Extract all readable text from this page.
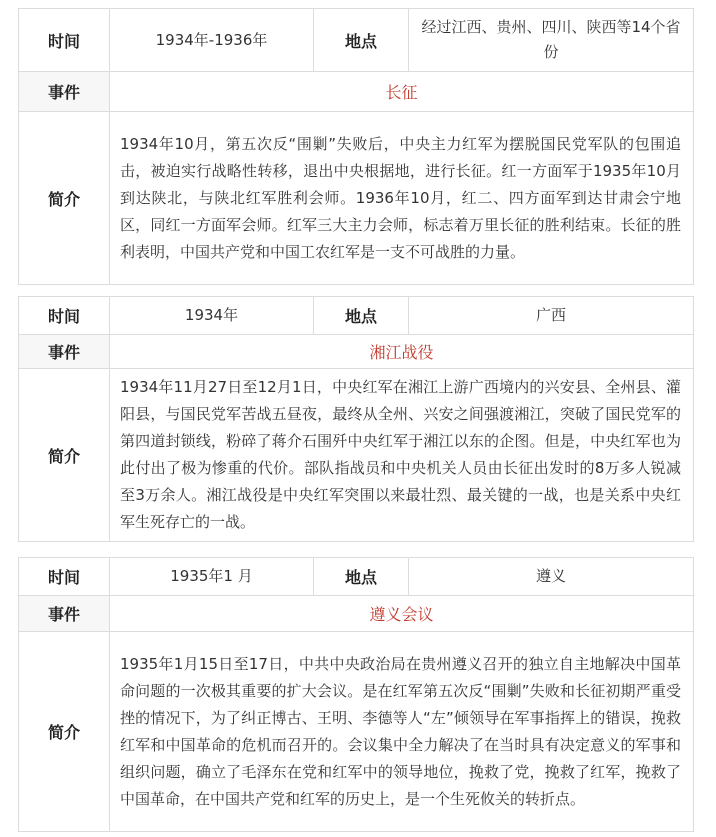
时间	1934年-1936年	地点	经过江西、贵州、四川、陕西等14个省份
事件	长征		
简介	1934年10月，第五次反“围剿”失败后，中央主力红军为摆脱国民党军队的包围追击，被迫实行战略性转移，退出中央根据地，进行长征。红一方面军于1935年10月到达陕北，与陕北红军胜利会师。1936年10月，红二、四方面军到达甘肃会宁地区，同红一方面军会师。红军三大主力会师，标志着万里长征的胜利结束。长征的胜利表明，中国共产党和中国工农红军是一支不可战胜的力量。		
时间	1934年	地点	广西
事件	湘江战役		
简介	1934年11月27日至12月1日，中央红军在湘江上游广西境内的兴安县、全州县、灌阳县，与国民党军苦战五昼夜，最终从全州、兴安之间强渡湘江，突破了国民党军的第四道封锁线，粉碎了蒋介石围歼中央红军于湘江以东的企图。但是，中央红军也为此付出了极为惨重的代价。部队指战员和中央机关人员由长征出发时的8万多人锐减至3万余人。湘江战役是中央红军突围以来最壮烈、最关键的一战，也是关系中央红军生死存亡的一战。		
时间	1935年1 月	地点	遵义
事件	遵义会议		
简介	1935年1月15日至17日，中共中央政治局在贵州遵义召开的独立自主地解决中国革命问题的一次极其重要的扩大会议。是在红军第五次反“围剿”失败和长征初期严重受挫的情况下，为了纠正博古、王明、李德等人“左”倾领导在军事指挥上的错误，挽救红军和中国革命的危机而召开的。会议集中全力解决了在当时具有决定意义的军事和组织问题，确立了毛泽东在党和红军中的领导地位，挽救了党，挽救了红军，挽救了中国革命，在中国共产党和红军的历史上，是一个生死攸关的转折点。		
